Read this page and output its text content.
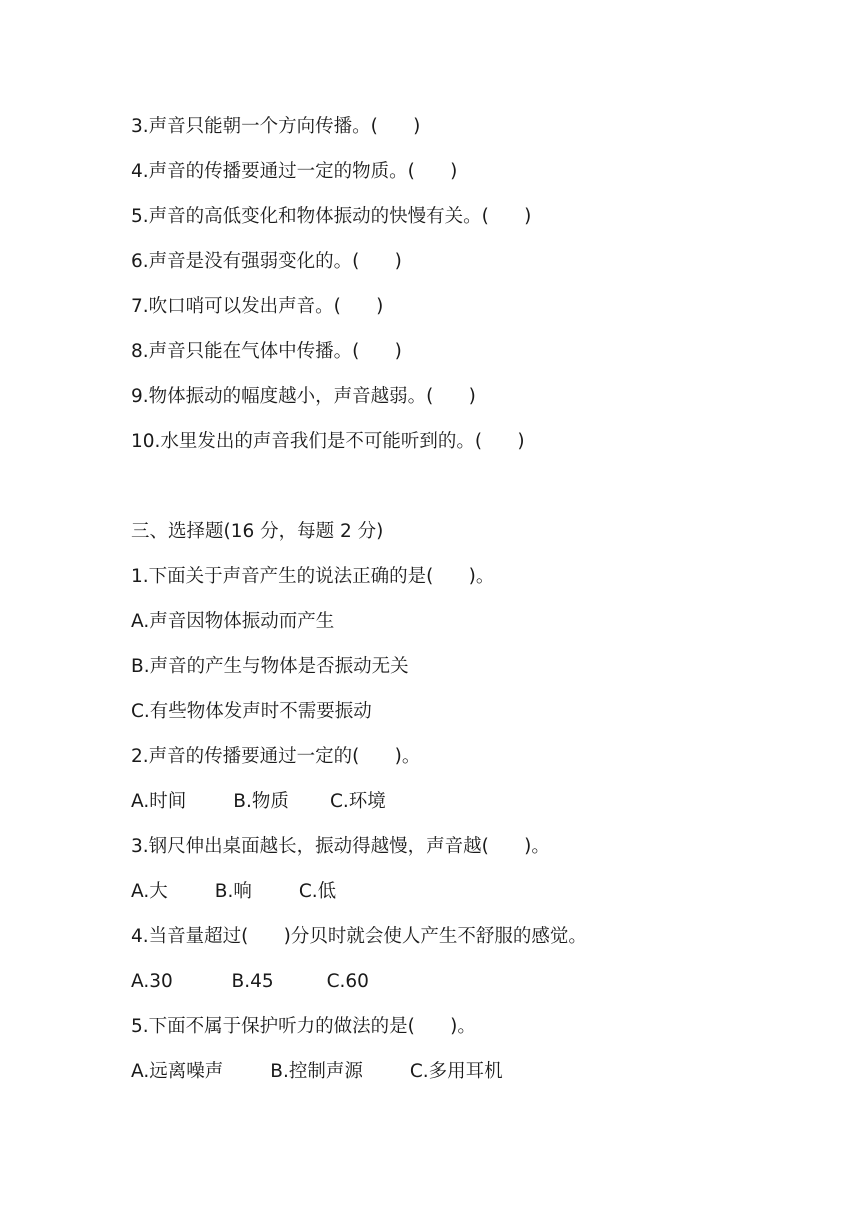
3.声音只能朝一个方向传播。(      )
4.声音的传播要通过一定的物质。(      )
5.声音的高低变化和物体振动的快慢有关。(      )
6.声音是没有强弱变化的。(      )
7.吹口哨可以发出声音。(      )
8.声音只能在气体中传播。(      )
9.物体振动的幅度越小，声音越弱。(      )
10.水里发出的声音我们是不可能听到的。(      )
三、选择题(16 分，每题 2 分)
1.下面关于声音产生的说法正确的是(      )。
A.声音因物体振动而产生
B.声音的产生与物体是否振动无关
C.有些物体发声时不需要振动
2.声音的传播要通过一定的(      )。
A.时间        B.物质       C.环境
3.钢尺伸出桌面越长，振动得越慢，声音越(      )。
A.大        B.响        C.低
4.当音量超过(      )分贝时就会使人产生不舒服的感觉。
A.30          B.45         C.60
5.下面不属于保护听力的做法的是(      )。
A.远离噪声        B.控制声源        C.多用耳机
